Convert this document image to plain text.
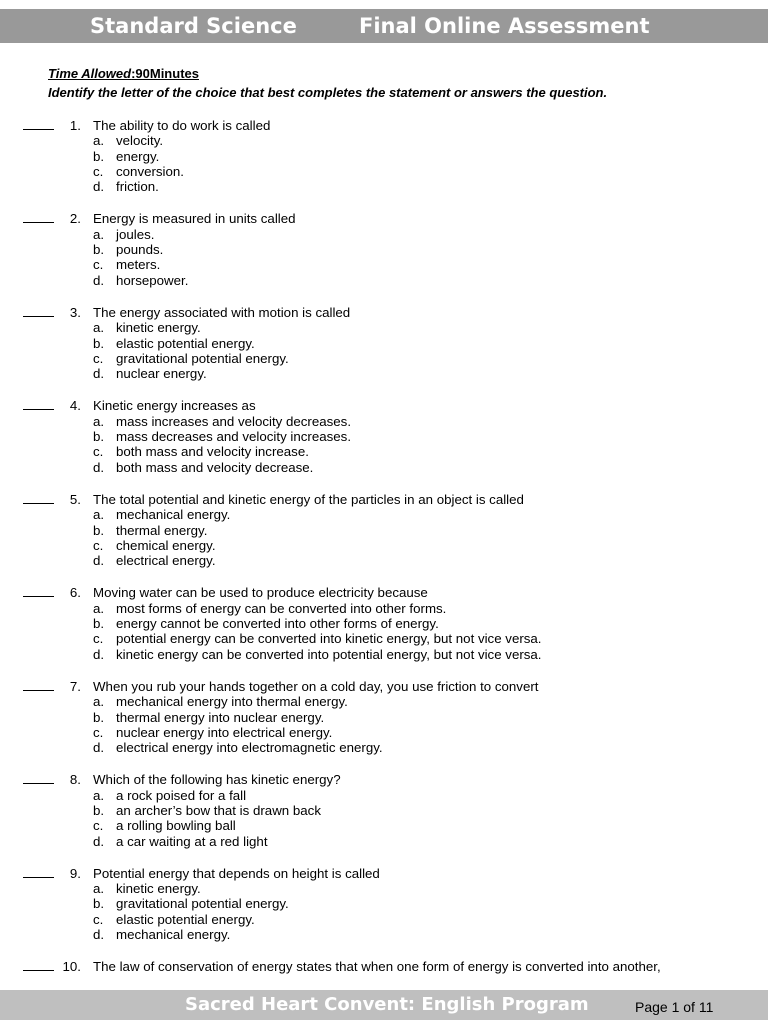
Standard Science	Final Online Assessment
Time Allowed:90Minutes
Identify the letter of the choice that best completes the statement or answers the question.
1. The ability to do work is called
a. velocity.
b. energy.
c. conversion.
d. friction.
2. Energy is measured in units called
a. joules.
b. pounds.
c. meters.
d. horsepower.
3. The energy associated with motion is called
a. kinetic energy.
b. elastic potential energy.
c. gravitational potential energy.
d. nuclear energy.
4. Kinetic energy increases as
a. mass increases and velocity decreases.
b. mass decreases and velocity increases.
c. both mass and velocity increase.
d. both mass and velocity decrease.
5. The total potential and kinetic energy of the particles in an object is called
a. mechanical energy.
b. thermal energy.
c. chemical energy.
d. electrical energy.
6. Moving water can be used to produce electricity because
a. most forms of energy can be converted into other forms.
b. energy cannot be converted into other forms of energy.
c. potential energy can be converted into kinetic energy, but not vice versa.
d. kinetic energy can be converted into potential energy, but not vice versa.
7. When you rub your hands together on a cold day, you use friction to convert
a. mechanical energy into thermal energy.
b. thermal energy into nuclear energy.
c. nuclear energy into electrical energy.
d. electrical energy into electromagnetic energy.
8. Which of the following has kinetic energy?
a. a rock poised for a fall
b. an archer’s bow that is drawn back
c. a rolling bowling ball
d. a car waiting at a red light
9. Potential energy that depends on height is called
a. kinetic energy.
b. gravitational potential energy.
c. elastic potential energy.
d. mechanical energy.
10. The law of conservation of energy states that when one form of energy is converted into another,
Sacred Heart Convent: English Program	Page 1 of 11
